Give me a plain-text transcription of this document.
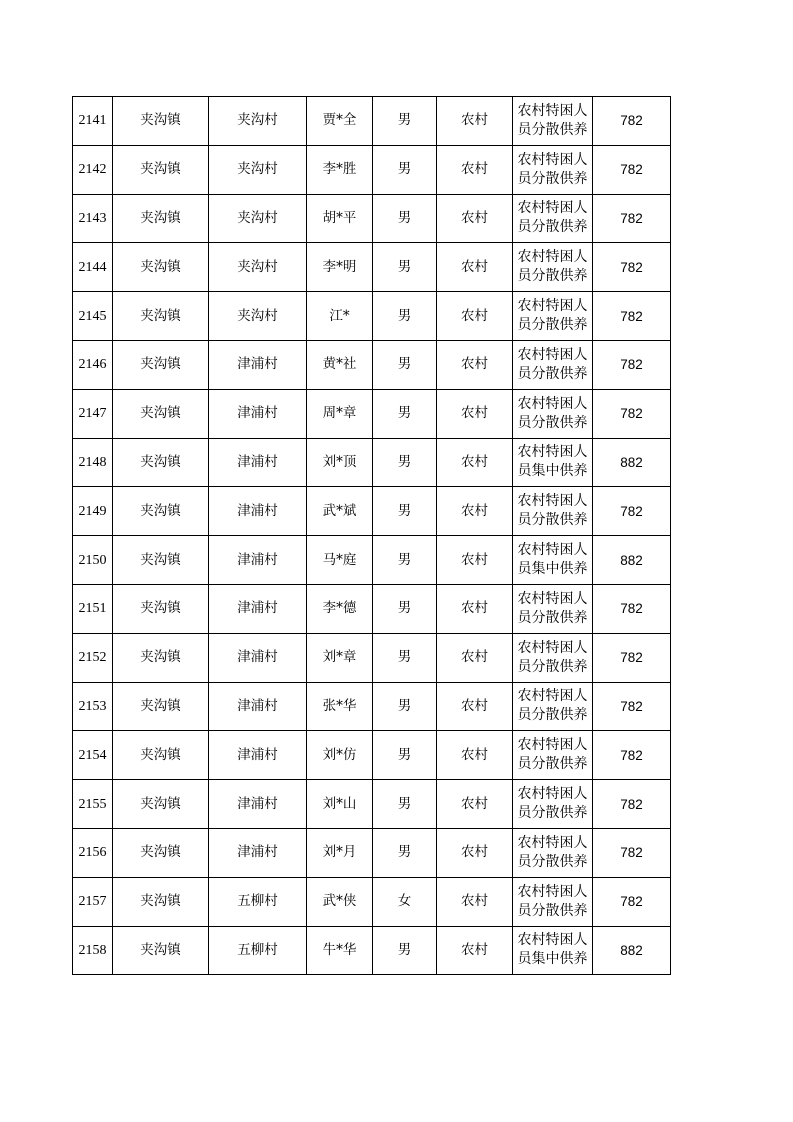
2141	夹沟镇	夹沟村	贾*全	男	农村	农村特困人员分散供养	782
2142	夹沟镇	夹沟村	李*胜	男	农村	农村特困人员分散供养	782
2143	夹沟镇	夹沟村	胡*平	男	农村	农村特困人员分散供养	782
2144	夹沟镇	夹沟村	李*明	男	农村	农村特困人员分散供养	782
2145	夹沟镇	夹沟村	江*	男	农村	农村特困人员分散供养	782
2146	夹沟镇	津浦村	黄*社	男	农村	农村特困人员分散供养	782
2147	夹沟镇	津浦村	周*章	男	农村	农村特困人员分散供养	782
2148	夹沟镇	津浦村	刘*顶	男	农村	农村特困人员集中供养	882
2149	夹沟镇	津浦村	武*斌	男	农村	农村特困人员分散供养	782
2150	夹沟镇	津浦村	马*庭	男	农村	农村特困人员集中供养	882
2151	夹沟镇	津浦村	李*德	男	农村	农村特困人员分散供养	782
2152	夹沟镇	津浦村	刘*章	男	农村	农村特困人员分散供养	782
2153	夹沟镇	津浦村	张*华	男	农村	农村特困人员分散供养	782
2154	夹沟镇	津浦村	刘*仿	男	农村	农村特困人员分散供养	782
2155	夹沟镇	津浦村	刘*山	男	农村	农村特困人员分散供养	782
2156	夹沟镇	津浦村	刘*月	男	农村	农村特困人员分散供养	782
2157	夹沟镇	五柳村	武*侠	女	农村	农村特困人员分散供养	782
2158	夹沟镇	五柳村	牛*华	男	农村	农村特困人员集中供养	882
